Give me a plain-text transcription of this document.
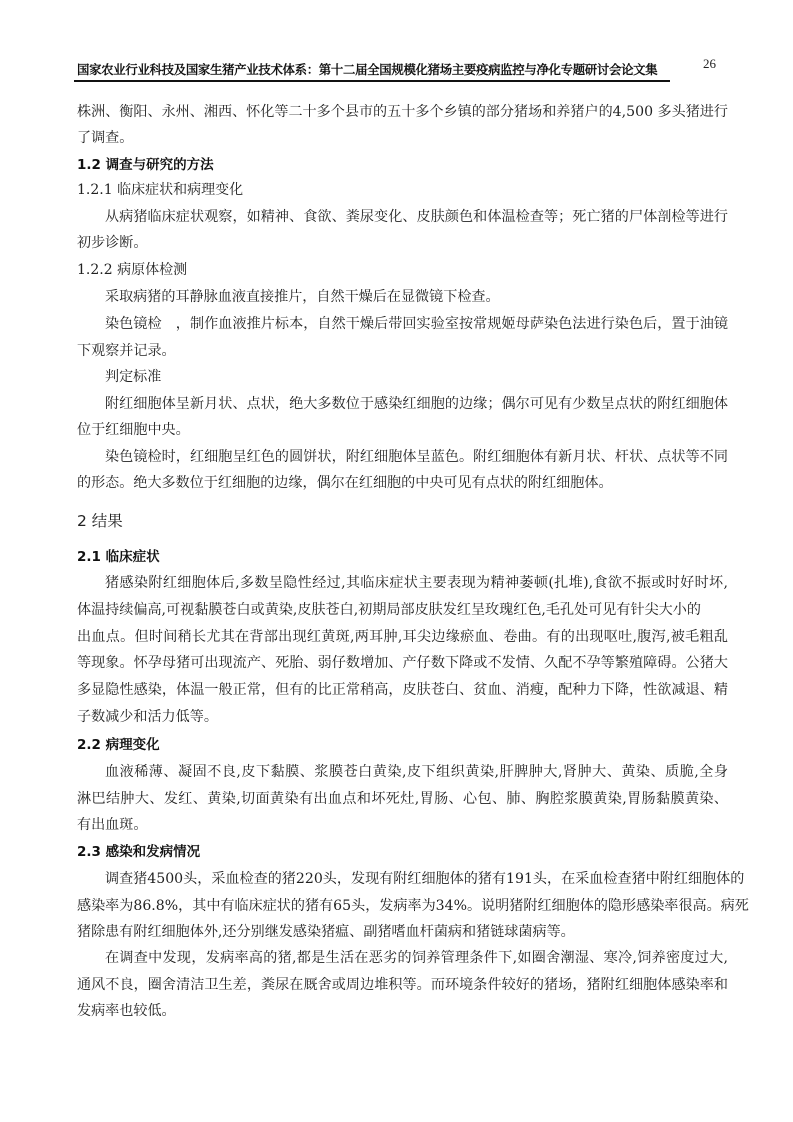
国家农业行业科技及国家生猪产业技术体系：第十二届全国规模化猪场主要疫病监控与净化专题研讨会论文集	26
株洲、衡阳、永州、湘西、怀化等二十多个县市的五十多个乡镇的部分猪场和养猪户的4,500 多头猪进行
了调查。
1.2 调查与研究的方法
1.2.1 临床症状和病理变化
从病猪临床症状观察，如精神、食欲、粪尿变化、皮肤颜色和体温检查等；死亡猪的尸体剖检等进行
初步诊断。
1.2.2 病原体检测
采取病猪的耳静脉血液直接推片，自然干燥后在显微镜下检查。
染色镜检　，制作血液推片标本，自然干燥后带回实验室按常规姬母萨染色法进行染色后，置于油镜
下观察并记录。
判定标准
附红细胞体呈新月状、点状，绝大多数位于感染红细胞的边缘；偶尔可见有少数呈点状的附红细胞体
位于红细胞中央。
染色镜检时，红细胞呈红色的圆饼状，附红细胞体呈蓝色。附红细胞体有新月状、杆状、点状等不同
的形态。绝大多数位于红细胞的边缘，偶尔在红细胞的中央可见有点状的附红细胞体。
2 结果
2.1 临床症状
猪感染附红细胞体后,多数呈隐性经过,其临床症状主要表现为精神萎顿(扎堆),食欲不振或时好时坏,
体温持续偏高,可视黏膜苍白或黄染,皮肤苍白,初期局部皮肤发红呈玫瑰红色,毛孔处可见有针尖大小的
出血点。但时间稍长尤其在背部出现红黄斑,两耳肿,耳尖边缘瘀血、卷曲。有的出现呕吐,腹泻,被毛粗乱
等现象。怀孕母猪可出现流产、死胎、弱仔数增加、产仔数下降或不发情、久配不孕等繁殖障碍。公猪大
多显隐性感染，体温一般正常，但有的比正常稍高，皮肤苍白、贫血、消瘦，配种力下降，性欲减退、精
子数减少和活力低等。
2.2 病理变化
血液稀薄、凝固不良,皮下黏膜、浆膜苍白黄染,皮下组织黄染,肝脾肿大,肾肿大、黄染、质脆,全身
淋巴结肿大、发红、黄染,切面黄染有出血点和坏死灶,胃肠、心包、肺、胸腔浆膜黄染,胃肠黏膜黄染、
有出血斑。
2.3 感染和发病情况
调查猪4500头，采血检查的猪220头，发现有附红细胞体的猪有191头，在采血检查猪中附红细胞体的
感染率为86.8%，其中有临床症状的猪有65头，发病率为34%。说明猪附红细胞体的隐形感染率很高。病死
猪除患有附红细胞体外,还分别继发感染猪瘟、副猪嗜血杆菌病和猪链球菌病等。
在调查中发现，发病率高的猪,都是生活在恶劣的饲养管理条件下,如圈舍潮湿、寒冷,饲养密度过大,
通风不良，圈舍清洁卫生差，粪尿在厩舍或周边堆积等。而环境条件较好的猪场，猪附红细胞体感染率和
发病率也较低。
